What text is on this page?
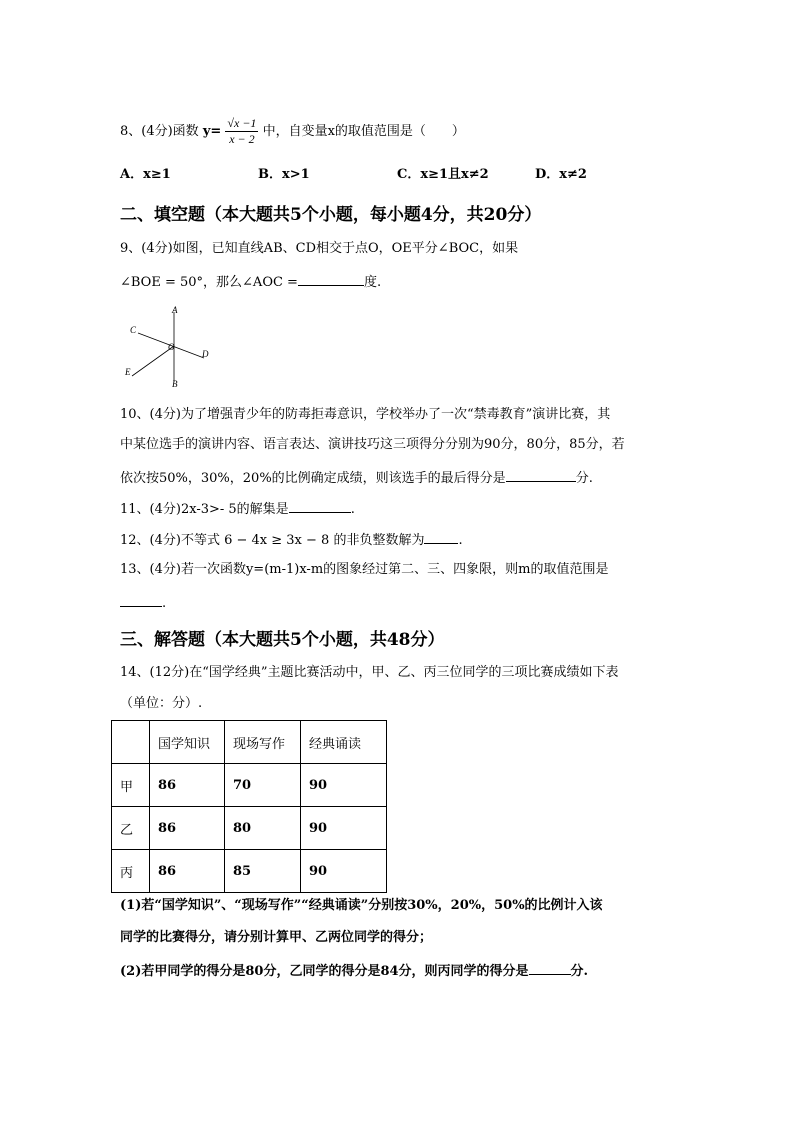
8、(4分)函数 $y= \frac{√x -1}{x - 2}$ 中，自变量x的取值范围是（　　）
A．x≥1	B．x>1	C．x≥1且x≠2	D．x≠2
二、填空题（本大题共5个小题，每小题4分，共20分）
9、(4分)如图，已知直线AB、CD相交于点O，OE平分∠BOC，如果
∠BOE = 50°，那么∠AOC =	度.
A
B
C
D
E
O
10、(4分)为了增强青少年的防毒拒毒意识，学校举办了一次“禁毒教育”演讲比赛，其
中某位选手的演讲内容、语言表达、演讲技巧这三项得分分别为90分，80分，85分，若
依次按50%，30%，20%的比例确定成绩，则该选手的最后得分是	分.
11、(4分)2x-3>- 5的解集是	.
12、(4分)不等式 6 − 4x ≥ 3x − 8 的非负整数解为	.
13、(4分)若一次函数y=(m-1)x-m的图象经过第二、三、四象限，则m的取值范围是
.
三、解答题（本大题共5个小题，共48分）
14、(12分)在“国学经典”主题比赛活动中，甲、乙、丙三位同学的三项比赛成绩如下表
（单位：分）.
	国学知识	现场写作	经典诵读
甲	86	70	90
乙	86	80	90
丙	86	85	90
(1)若“国学知识”、“现场写作”“经典诵读”分别按30%，20%，50%的比例计入该
同学的比赛得分，请分别计算甲、乙两位同学的得分；
(2)若甲同学的得分是80分，乙同学的得分是84分，则丙同学的得分是	分.
